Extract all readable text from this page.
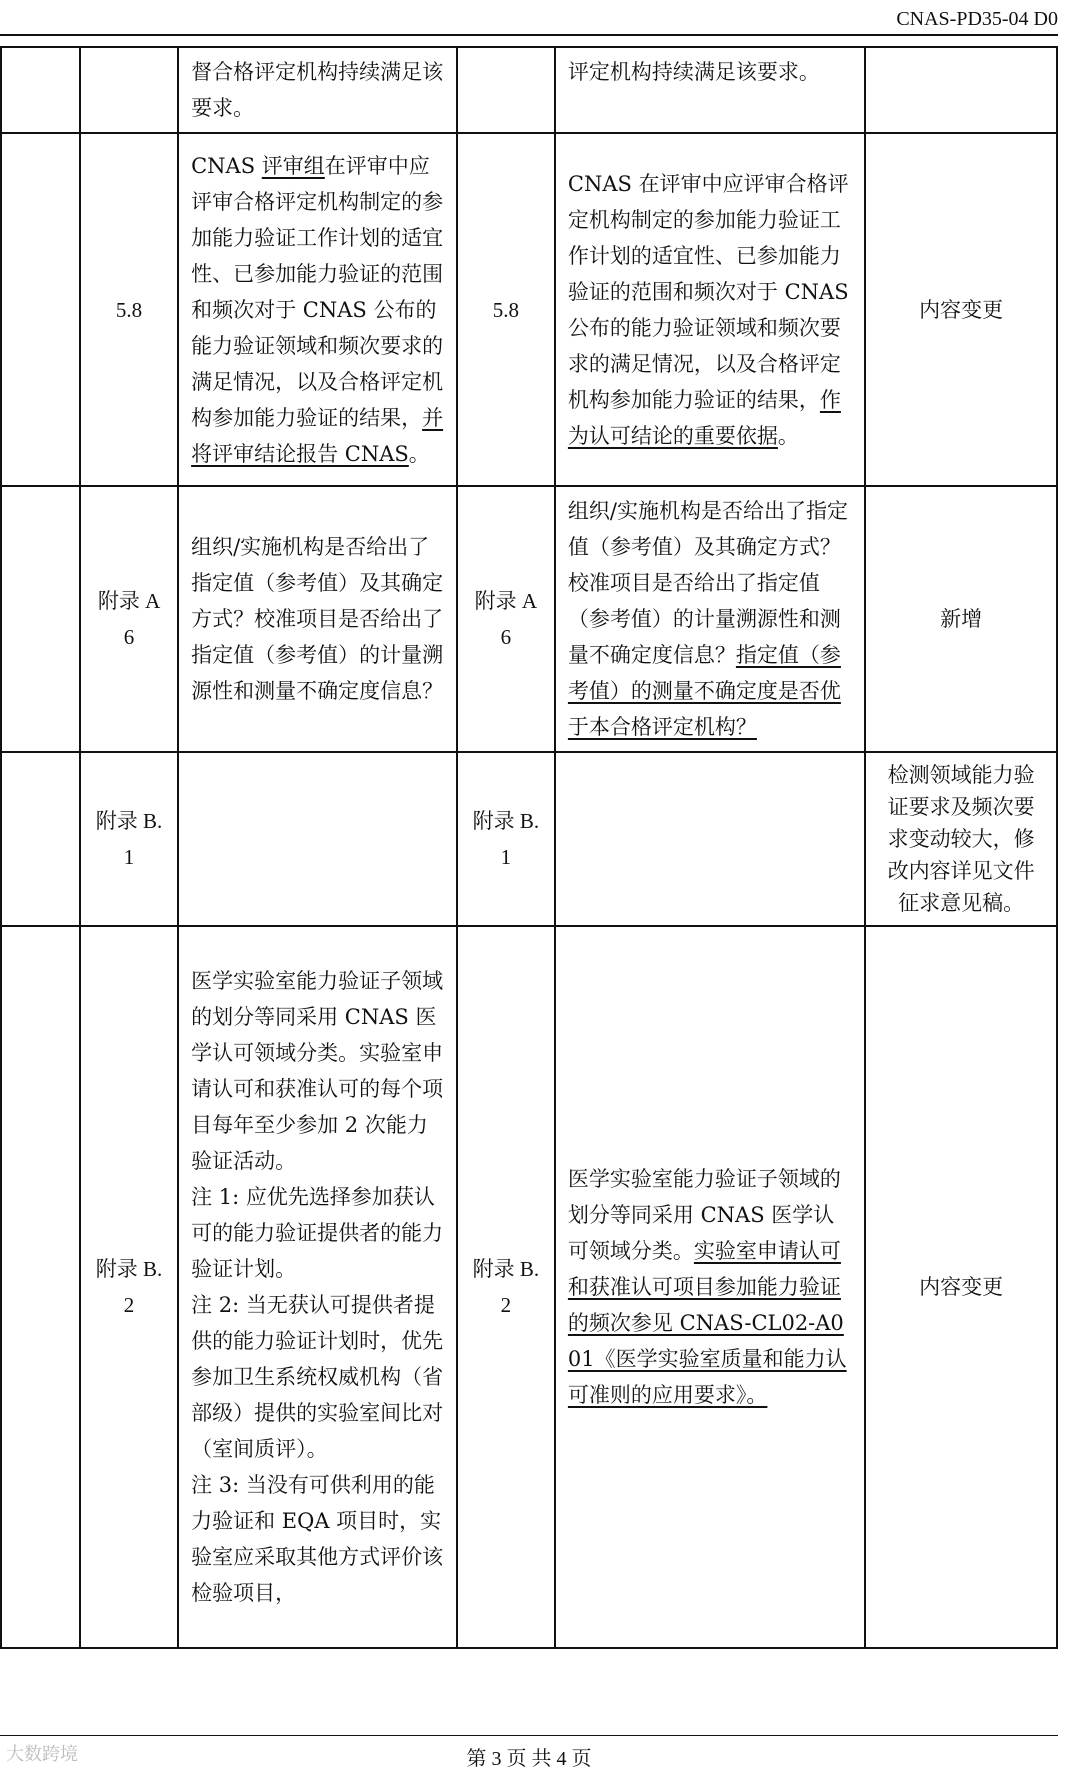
CNAS-PD35-04 D0
		督合格评定机构持续满足该要求。		评定机构持续满足该要求。	
	5.8	CNAS 评审组在评审中应评审合格评定机构制定的参加能力验证工作计划的适宜性、已参加能力验证的范围和频次对于 CNAS 公布的能力验证领域和频次要求的满足情况，以及合格评定机构参加能力验证的结果，并将评审结论报告 CNAS。	5.8	CNAS 在评审中应评审合格评定机构制定的参加能力验证工作计划的适宜性、已参加能力验证的范围和频次对于 CNAS 公布的能力验证领域和频次要求的满足情况，以及合格评定机构参加能力验证的结果，作为认可结论的重要依据。	内容变更
	附录 A 6	组织/实施机构是否给出了指定值（参考值）及其确定方式？校准项目是否给出了指定值（参考值）的计量溯源性和测量不确定度信息？	附录 A 6	组织/实施机构是否给出了指定值（参考值）及其确定方式？校准项目是否给出了指定值（参考值）的计量溯源性和测量不确定度信息？指定值（参考值）的测量不确定度是否优于本合格评定机构？	新增
	附录 B.1		附录 B.1		检测领域能力验证要求及频次要求变动较大，修改内容详见文件征求意见稿。
	附录 B.2	医学实验室能力验证子领域的划分等同采用 CNAS 医学认可领域分类。实验室申请认可和获准认可的每个项目每年至少参加 2 次能力验证活动。
注 1: 应优先选择参加获认可的能力验证提供者的能力验证计划。
注 2: 当无获认可提供者提供的能力验证计划时，优先参加卫生系统权威机构（省部级）提供的实验室间比对（室间质评）。
注 3: 当没有可供利用的能力验证和 EQA 项目时，实验室应采取其他方式评价该检验项目，	附录 B.2	医学实验室能力验证子领域的划分等同采用 CNAS 医学认可领域分类。实验室申请认可和获准认可项目参加能力验证的频次参见 CNAS-CL02-A001《医学实验室质量和能力认可准则的应用要求》。	内容变更
大数跨境	第 3 页 共 4 页
